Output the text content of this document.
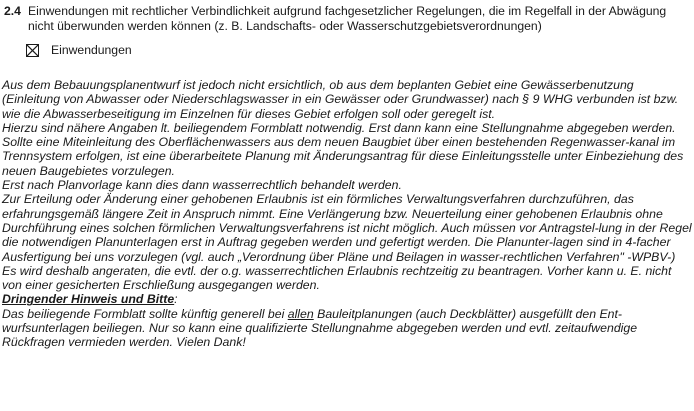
2.4 Einwendungen mit rechtlicher Verbindlichkeit aufgrund fachgesetzlicher Regelungen, die im Regelfall in der Abwägung nicht überwunden werden können (z. B. Landschafts- oder Wasserschutzgebietsverordnungen)
Einwendungen

Aus dem Bebauungsplanentwurf ist jedoch nicht ersichtlich, ob aus dem beplanten Gebiet eine Gewässerbenutzung (Einleitung von Abwasser oder Niederschlagswasser in ein Gewässer oder Grundwasser) nach § 9 WHG verbunden ist bzw. wie die Abwasserbeseitigung im Einzelnen für dieses Gebiet erfolgen soll oder geregelt ist.

Hierzu sind nähere Angaben lt. beiliegendem Formblatt notwendig. Erst dann kann eine Stellungnahme abgegeben werden.

Sollte eine Miteinleitung des Oberflächenwassers aus dem neuen Baugbiet über einen bestehenden Regenwasser-kanal im Trennsystem erfolgen, ist eine überarbeitete Planung mit Änderungsantrag für diese Einleitungsstelle unter Einbeziehung des neuen Baugebietes vorzulegen.

Erst nach Planvorlage kann dies dann wasserrechtlich behandelt werden.

Zur Erteilung oder Änderung einer gehobenen Erlaubnis ist ein förmliches Verwaltungsverfahren durchzuführen, das erfahrungsgemäß längere Zeit in Anspruch nimmt. Eine Verlängerung bzw. Neuerteilung einer gehobenen Erlaubnis ohne Durchführung eines solchen förmlichen Verwaltungsverfahrens ist nicht möglich. Auch müssen vor Antragstel-lung in der Regel die notwendigen Planunterlagen erst in Auftrag gegeben werden und gefertigt werden. Die Planunter-lagen sind in 4-facher Ausfertigung bei uns vorzulegen (vgl. auch „Verordnung über Pläne und Beilagen in wasser-rechtlichen Verfahren" -WPBV-)

Es wird deshalb angeraten, die evtl. der o.g. wasserrechtlichen Erlaubnis rechtzeitig zu beantragen. Vorher kann u. E. nicht von einer gesicherten Erschließung ausgegangen werden.

Dringender Hinweis und Bitte:

Das beiliegende Formblatt sollte künftig generell bei allen Bauleitplanungen (auch Deckblätter) ausgefüllt den Ent-wurfsunterlagen beiliegen. Nur so kann eine qualifizierte Stellungnahme abgegeben werden und evtl. zeitaufwendige Rückfragen vermieden werden. Vielen Dank!
